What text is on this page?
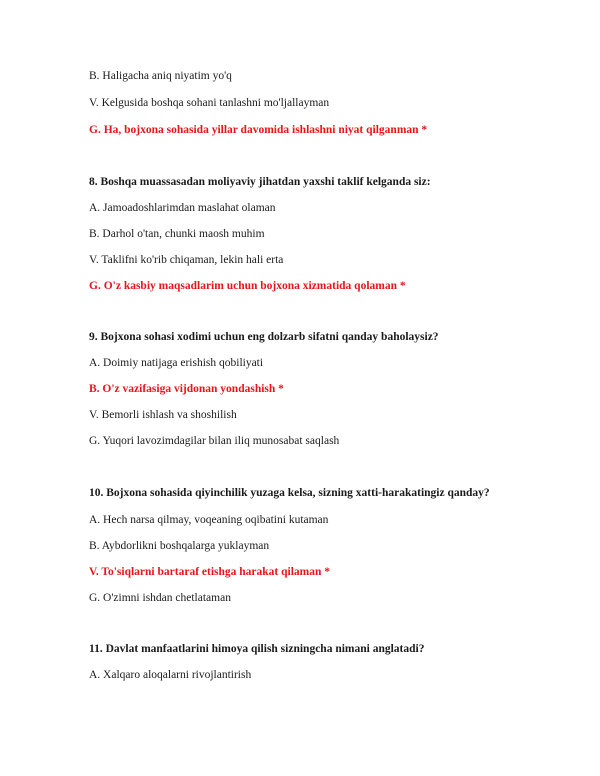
B. Haligacha aniq niyatim yo'q
V. Kelgusida boshqa sohani tanlashni mo'ljallayman
G. Ha, bojxona sohasida yillar davomida ishlashni niyat qilganman *
8. Boshqa muassasadan moliyaviy jihatdan yaxshi taklif kelganda siz:
A. Jamoadoshlarimdan maslahat olaman
B. Darhol o'tan, chunki maosh muhim
V. Taklifni ko'rib chiqaman, lekin hali erta
G. O'z kasbiy maqsadlarim uchun bojxona xizmatida qolaman *
9. Bojxona sohasi xodimi uchun eng dolzarb sifatni qanday baholaysiz?
A. Doimiy natijaga erishish qobiliyati
B. O'z vazifasiga vijdonan yondashish *
V. Bemorli ishlash va shoshilish
G. Yuqori lavozimdagilar bilan iliq munosabat saqlash
10. Bojxona sohasida qiyinchilik yuzaga kelsa, sizning xatti-harakatingiz qanday?
A. Hech narsa qilmay, voqeaning oqibatini kutaman
B. Aybdorlikni boshqalarga yuklayman
V. To'siqlarni bartaraf etishga harakat qilaman *
G. O'zimni ishdan chetlataman
11. Davlat manfaatlarini himoya qilish sizningcha nimani anglatadi?
A. Xalqaro aloqalarni rivojlantirish
